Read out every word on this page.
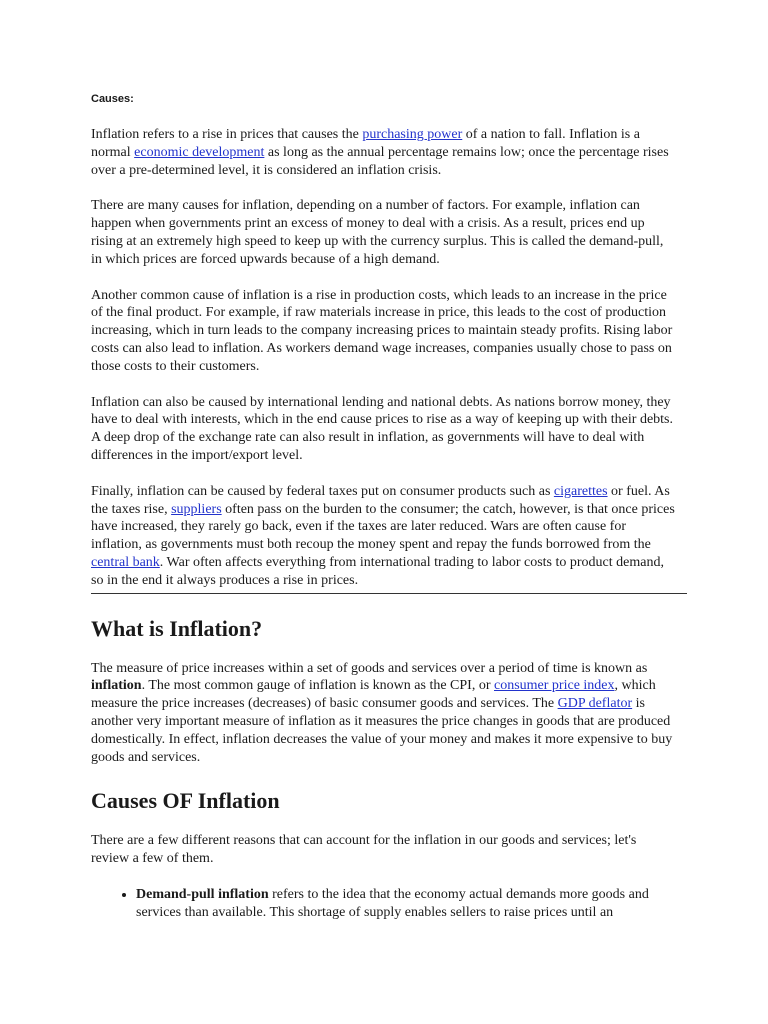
Causes:

Inflation refers to a rise in prices that causes the purchasing power of a nation to fall. Inflation is a normal economic development as long as the annual percentage remains low; once the percentage rises over a pre-determined level, it is considered an inflation crisis.

There are many causes for inflation, depending on a number of factors. For example, inflation can happen when governments print an excess of money to deal with a crisis. As a result, prices end up rising at an extremely high speed to keep up with the currency surplus. This is called the demand-pull, in which prices are forced upwards because of a high demand.

Another common cause of inflation is a rise in production costs, which leads to an increase in the price of the final product. For example, if raw materials increase in price, this leads to the cost of production increasing, which in turn leads to the company increasing prices to maintain steady profits. Rising labor costs can also lead to inflation. As workers demand wage increases, companies usually chose to pass on those costs to their customers.

Inflation can also be caused by international lending and national debts. As nations borrow money, they have to deal with interests, which in the end cause prices to rise as a way of keeping up with their debts. A deep drop of the exchange rate can also result in inflation, as governments will have to deal with differences in the import/export level.

Finally, inflation can be caused by federal taxes put on consumer products such as cigarettes or fuel. As the taxes rise, suppliers often pass on the burden to the consumer; the catch, however, is that once prices have increased, they rarely go back, even if the taxes are later reduced. Wars are often cause for inflation, as governments must both recoup the money spent and repay the funds borrowed from the central bank. War often affects everything from international trading to labor costs to product demand, so in the end it always produces a rise in prices.

What is Inflation?

The measure of price increases within a set of goods and services over a period of time is known as inflation. The most common gauge of inflation is known as the CPI, or consumer price index, which measure the price increases (decreases) of basic consumer goods and services. The GDP deflator is another very important measure of inflation as it measures the price changes in goods that are produced domestically. In effect, inflation decreases the value of your money and makes it more expensive to buy goods and services.

Causes OF Inflation

There are a few different reasons that can account for the inflation in our goods and services; let's review a few of them.

• Demand-pull inflation refers to the idea that the economy actual demands more goods and services than available. This shortage of supply enables sellers to raise prices until an
